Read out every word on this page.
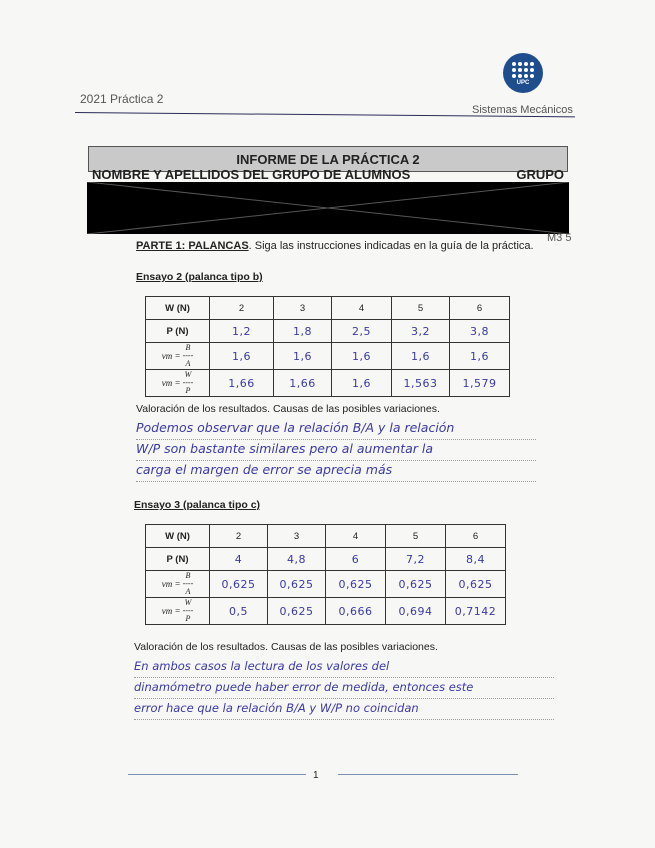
2021 Práctica 2
UPC
Sistemas Mecánicos
INFORME DE LA PRÁCTICA 2
NOMBRE Y APELLIDOS DEL GRUPO DE ALUMNOS	GRUPO
M3 5
PARTE 1: PALANCAS. Siga las instrucciones indicadas en la guía de la práctica.
Ensayo 2 (palanca tipo b)
W (N)	2	3	4	5	6
P (N)	1,2	1,8	2,5	3,2	3,8
vm =
B
----
A	1,6	1,6	1,6	1,6	1,6
vm =
W
----
P	1,66	1,66	1,6	1,563	1,579
Valoración de los resultados. Causas de las posibles variaciones.
Podemos observar que la relación B/A y la relación
W/P son bastante similares pero al aumentar la
carga el margen de error se aprecia más
Ensayo 3 (palanca tipo c)
W (N)	2	3	4	5	6
P (N)	4	4,8	6	7,2	8,4
vm =
B
----
A	0,625	0,625	0,625	0,625	0,625
vm =
W
----
P	0,5	0,625	0,666	0,694	0,7142
Valoración de los resultados. Causas de las posibles variaciones.
En ambos casos la lectura de los valores del
dinamómetro puede haber error de medida, entonces este
error hace que la relación B/A y W/P no coincidan
1
